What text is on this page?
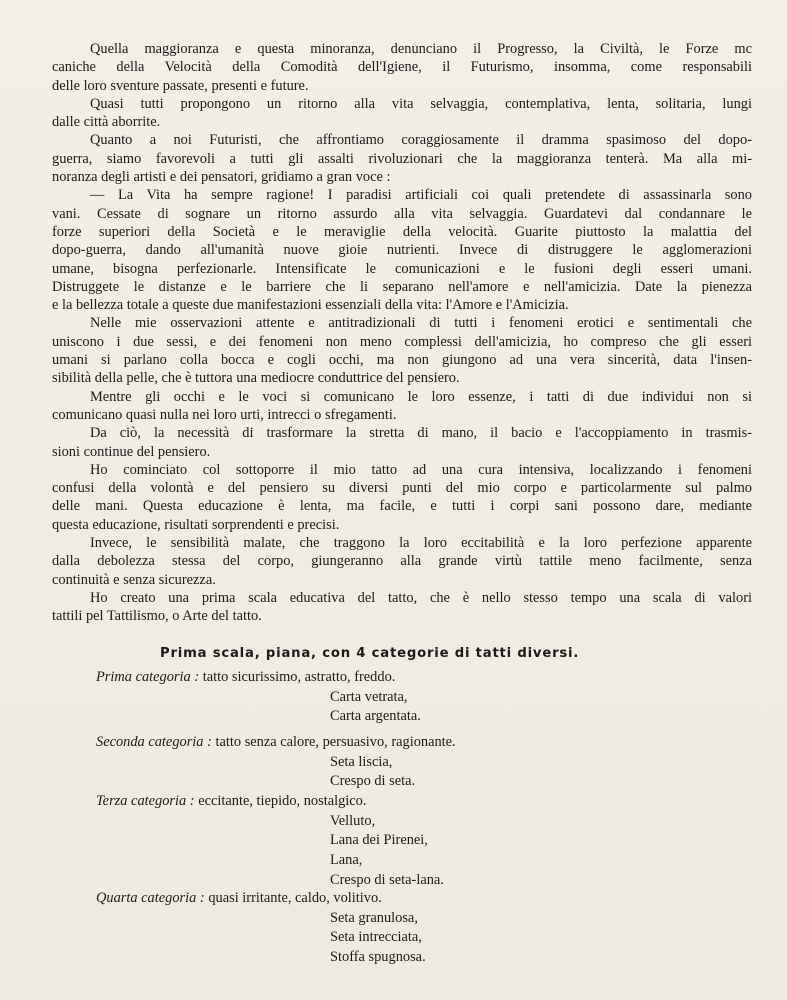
Quella maggioranza e questa minoranza, denunciano il Progresso, la Civiltà, le Forze mc
caniche della Velocità della Comodità dell'Igiene, il Futurismo, insomma, come responsabili
delle loro sventure passate, presenti e future.
Quasi tutti propongono un ritorno alla vita selvaggia, contemplativa, lenta, solitaria, lungi
dalle città aborrite.
Quanto a noi Futuristi, che affrontiamo coraggiosamente il dramma spasimoso del dopo-
guerra, siamo favorevoli a tutti gli assalti rivoluzionari che la maggioranza tenterà. Ma alla mi-
noranza degli artisti e dei pensatori, gridiamo a gran voce :
— La Vita ha sempre ragione! I paradisi artificiali coi quali pretendete di assassinarla sono
vani. Cessate di sognare un ritorno assurdo alla vita selvaggia. Guardatevi dal condannare le
forze superiori della Società e le meraviglie della velocità. Guarite piuttosto la malattia del
dopo-guerra, dando all'umanità nuove gioie nutrienti. Invece di distruggere le agglomerazioni
umane, bisogna perfezionarle. Intensificate le comunicazioni e le fusioni degli esseri umani.
Distruggete le distanze e le barriere che li separano nell'amore e nell'amicizia. Date la pienezza
e la bellezza totale a queste due manifestazioni essenziali della vita: l'Amore e l'Amicizia.
Nelle mie osservazioni attente e antitradizionali di tutti i fenomeni erotici e sentimentali che
uniscono i due sessi, e dei fenomeni non meno complessi dell'amicizia, ho compreso che gli esseri
umani si parlano colla bocca e cogli occhi, ma non giungono ad una vera sincerità, data l'insen-
sibilità della pelle, che è tuttora una mediocre conduttrice del pensiero.
Mentre gli occhi e le voci si comunicano le loro essenze, i tatti di due individui non si
comunicano quasi nulla nei loro urti, intrecci o sfregamenti.
Da ciò, la necessità di trasformare la stretta di mano, il bacio e l'accoppiamento in trasmis-
sioni continue del pensiero.
Ho cominciato col sottoporre il mio tatto ad una cura intensiva, localizzando i fenomeni
confusi della volontà e del pensiero su diversi punti del mio corpo e particolarmente sul palmo
delle mani. Questa educazione è lenta, ma facile, e tutti i corpi sani possono dare, mediante
questa educazione, risultati sorprendenti e precisi.
Invece, le sensibilità malate, che traggono la loro eccitabilità e la loro perfezione apparente
dalla debolezza stessa del corpo, giungeranno alla grande virtù tattile meno facilmente, senza
continuità e senza sicurezza.
Ho creato una prima scala educativa del tatto, che è nello stesso tempo una scala di valori
tattili pel Tattilismo, o Arte del tatto.
Prima scala, piana, con 4 categorie di tatti diversi.
Prima categoria : tatto sicurissimo, astratto, freddo.
Carta vetrata,
Carta argentata.
Seconda categoria : tatto senza calore, persuasivo, ragionante.
Seta liscia,
Crespo di seta.
Terza categoria : eccitante, tiepido, nostalgico.
Velluto,
Lana dei Pirenei,
Lana,
Crespo di seta-lana.
Quarta categoria : quasi irritante, caldo, volitivo.
Seta granulosa,
Seta intrecciata,
Stoffa spugnosa.
